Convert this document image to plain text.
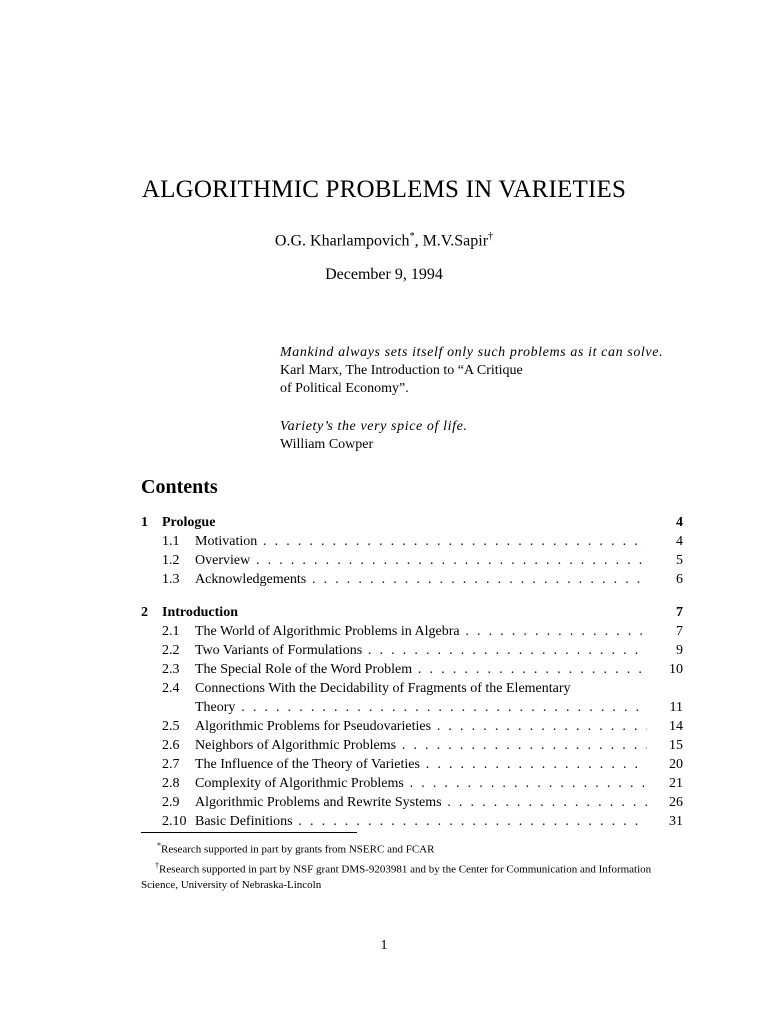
ALGORITHMIC PROBLEMS IN VARIETIES
O.G. Kharlampovich*, M.V.Sapir†
December 9, 1994
Mankind always sets itself only such problems as it can solve.
Karl Marx, The Introduction to “A Critique
of Political Economy”.
Variety’s the very spice of life.
William Cowper
Contents
1 Prologue	4
1.1 Motivation . . .	4
1.2 Overview . . .	5
1.3 Acknowledgements . . .	6
2 Introduction	7
2.1 The World of Algorithmic Problems in Algebra . . .	7
2.2 Two Variants of Formulations . . .	9
2.3 The Special Role of the Word Problem . . .	10
2.4 Connections With the Decidability of Fragments of the Elementary
Theory . . .	11
2.5 Algorithmic Problems for Pseudovarieties . . .	14
2.6 Neighbors of Algorithmic Problems . . .	15
2.7 The Influence of the Theory of Varieties . . .	20
2.8 Complexity of Algorithmic Problems . . .	21
2.9 Algorithmic Problems and Rewrite Systems . . .	26
2.10 Basic Definitions . . .	31
*Research supported in part by grants from NSERC and FCAR
†Research supported in part by NSF grant DMS-9203981 and by the Center for Communication and Information Science, University of Nebraska-Lincoln
1
